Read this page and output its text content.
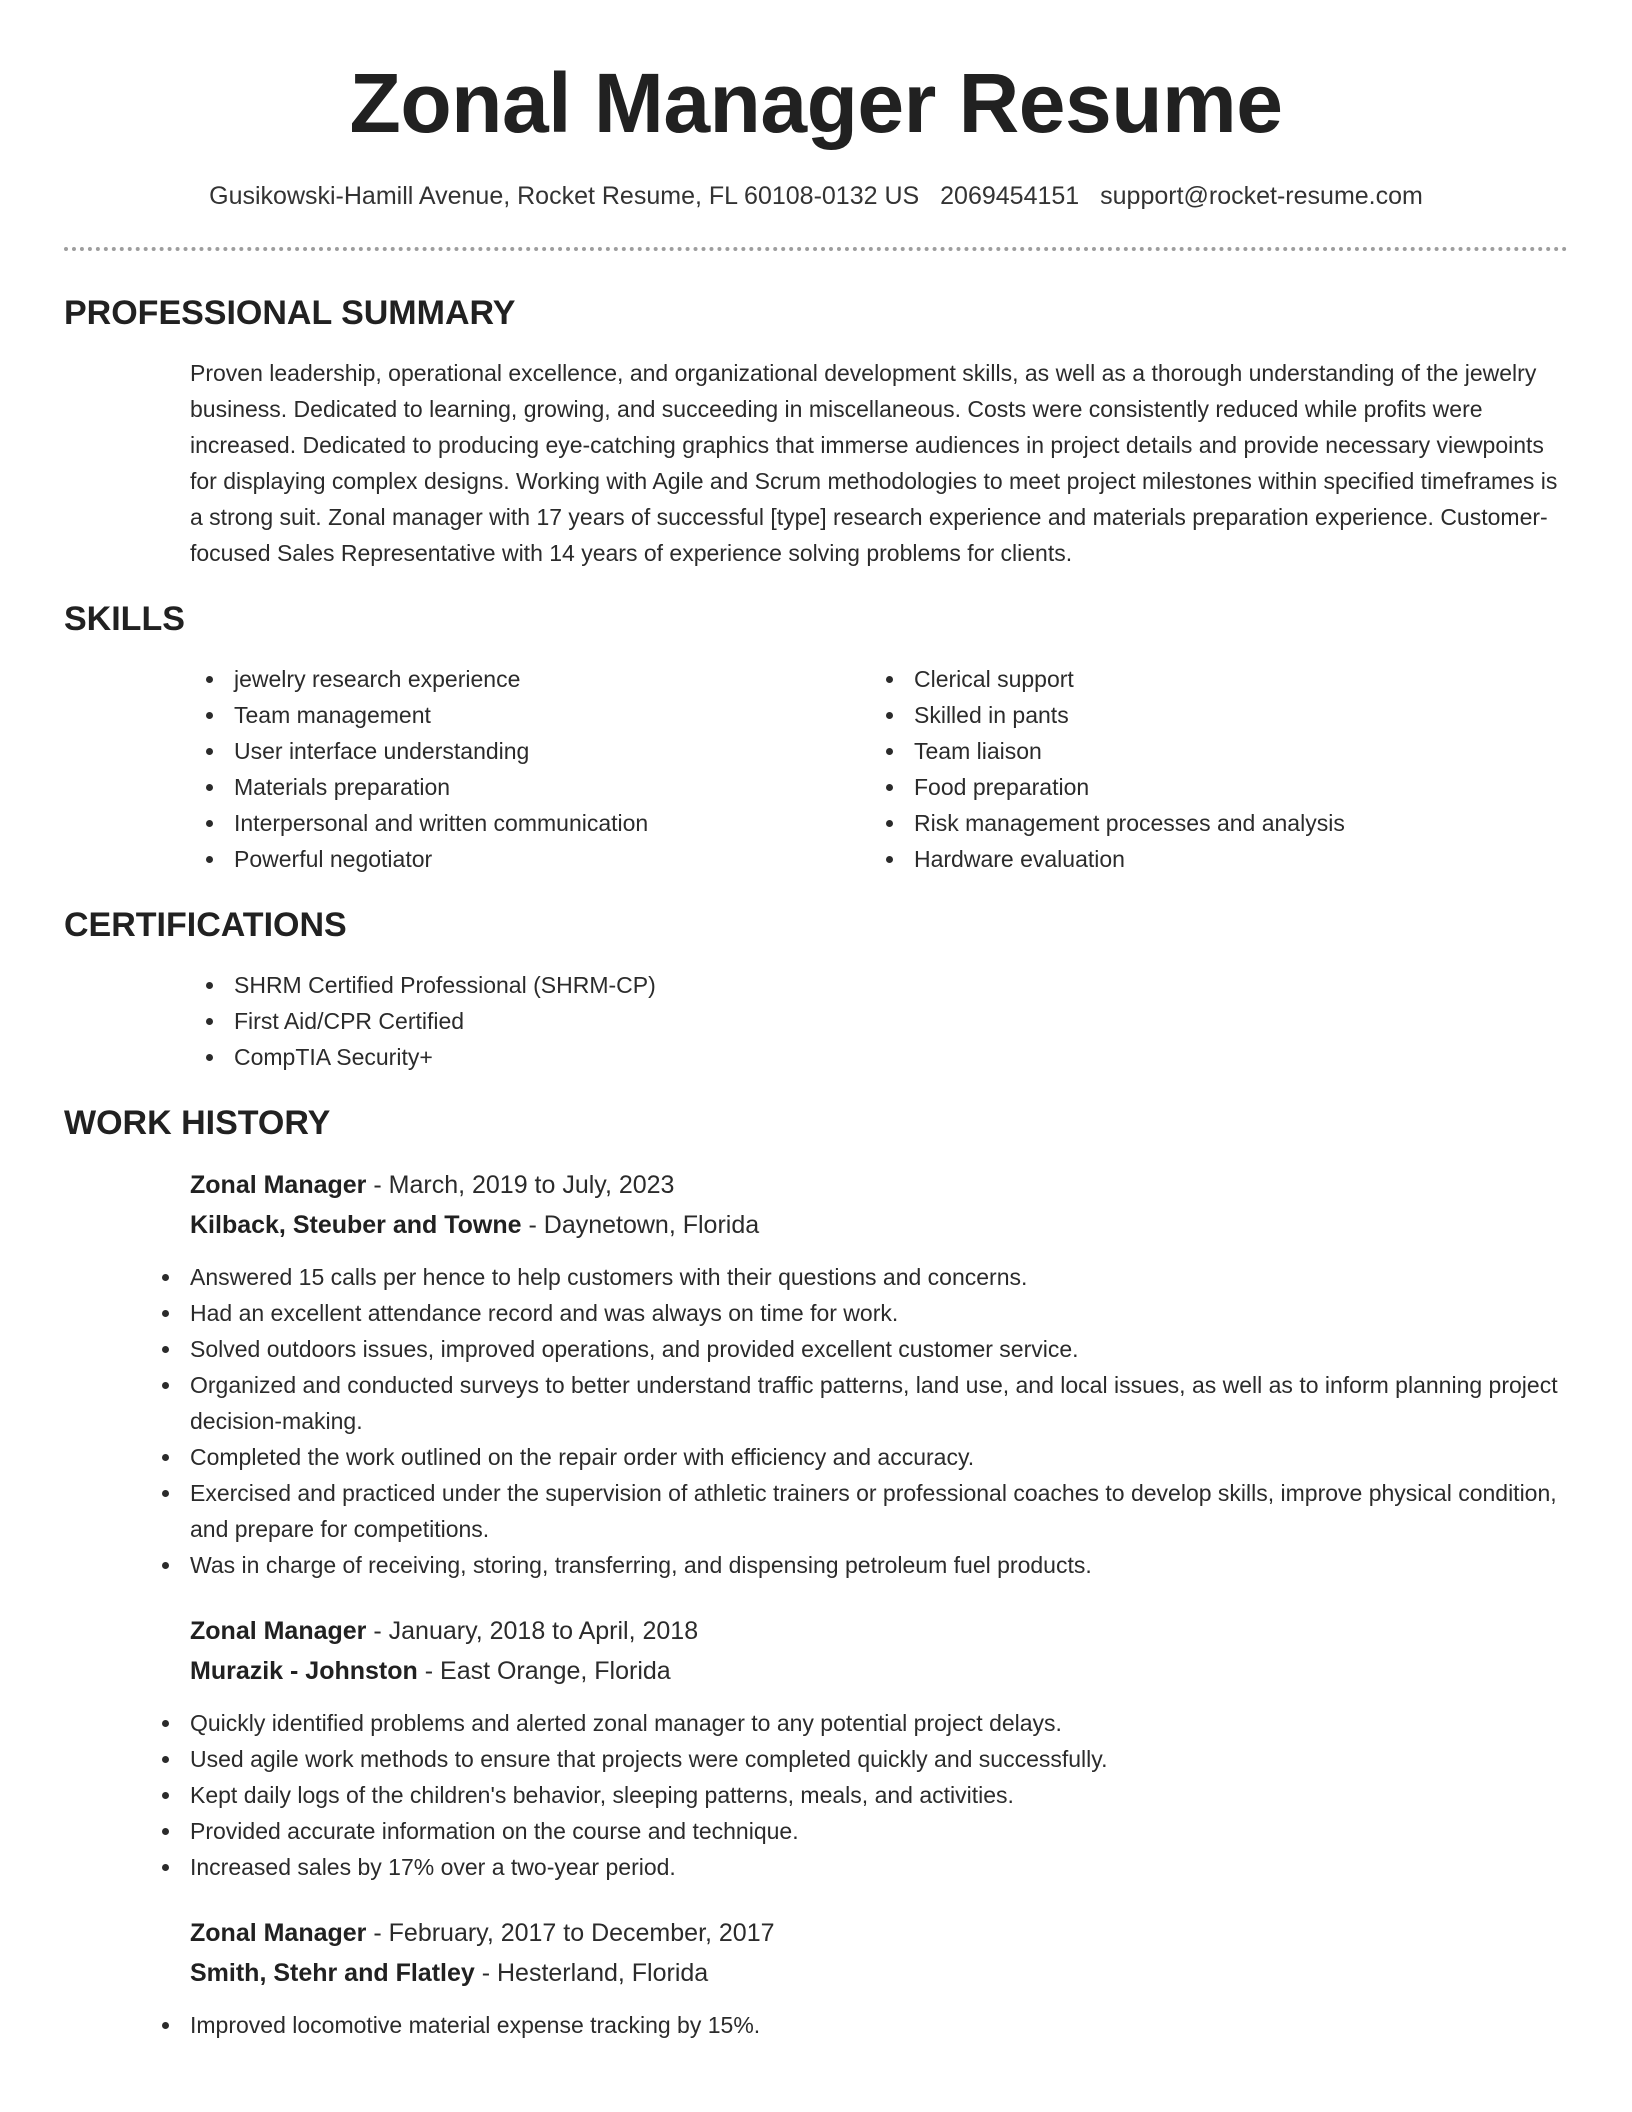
Zonal Manager Resume
Gusikowski-Hamill Avenue, Rocket Resume, FL 60108-0132 US 2069454151 support@rocket-resume.com
PROFESSIONAL SUMMARY

Proven leadership, operational excellence, and organizational development skills, as well as a thorough understanding of the jewelry business. Dedicated to learning, growing, and succeeding in miscellaneous. Costs were consistently reduced while profits were increased. Dedicated to producing eye-catching graphics that immerse audiences in project details and provide necessary viewpoints for displaying complex designs. Working with Agile and Scrum methodologies to meet project milestones within specified timeframes is a strong suit. Zonal manager with 17 years of successful [type] research experience and materials preparation experience. Customer-focused Sales Representative with 14 years of experience solving problems for clients.

SKILLS
jewelry research experience
Team management
User interface understanding
Materials preparation
Interpersonal and written communication
Powerful negotiator
Clerical support
Skilled in pants
Team liaison
Food preparation
Risk management processes and analysis
Hardware evaluation
CERTIFICATIONS
SHRM Certified Professional (SHRM-CP)
First Aid/CPR Certified
CompTIA Security+
WORK HISTORY
Zonal Manager - March, 2019 to July, 2023
Kilback, Steuber and Towne - Daynetown, Florida
Answered 15 calls per hence to help customers with their questions and concerns.
Had an excellent attendance record and was always on time for work.
Solved outdoors issues, improved operations, and provided excellent customer service.
Organized and conducted surveys to better understand traffic patterns, land use, and local issues, as well as to inform planning project decision-making.
Completed the work outlined on the repair order with efficiency and accuracy.
Exercised and practiced under the supervision of athletic trainers or professional coaches to develop skills, improve physical condition, and prepare for competitions.
Was in charge of receiving, storing, transferring, and dispensing petroleum fuel products.
Zonal Manager - January, 2018 to April, 2018
Murazik - Johnston - East Orange, Florida
Quickly identified problems and alerted zonal manager to any potential project delays.
Used agile work methods to ensure that projects were completed quickly and successfully.
Kept daily logs of the children's behavior, sleeping patterns, meals, and activities.
Provided accurate information on the course and technique.
Increased sales by 17% over a two-year period.
Zonal Manager - February, 2017 to December, 2017
Smith, Stehr and Flatley - Hesterland, Florida
Improved locomotive material expense tracking by 15%.
